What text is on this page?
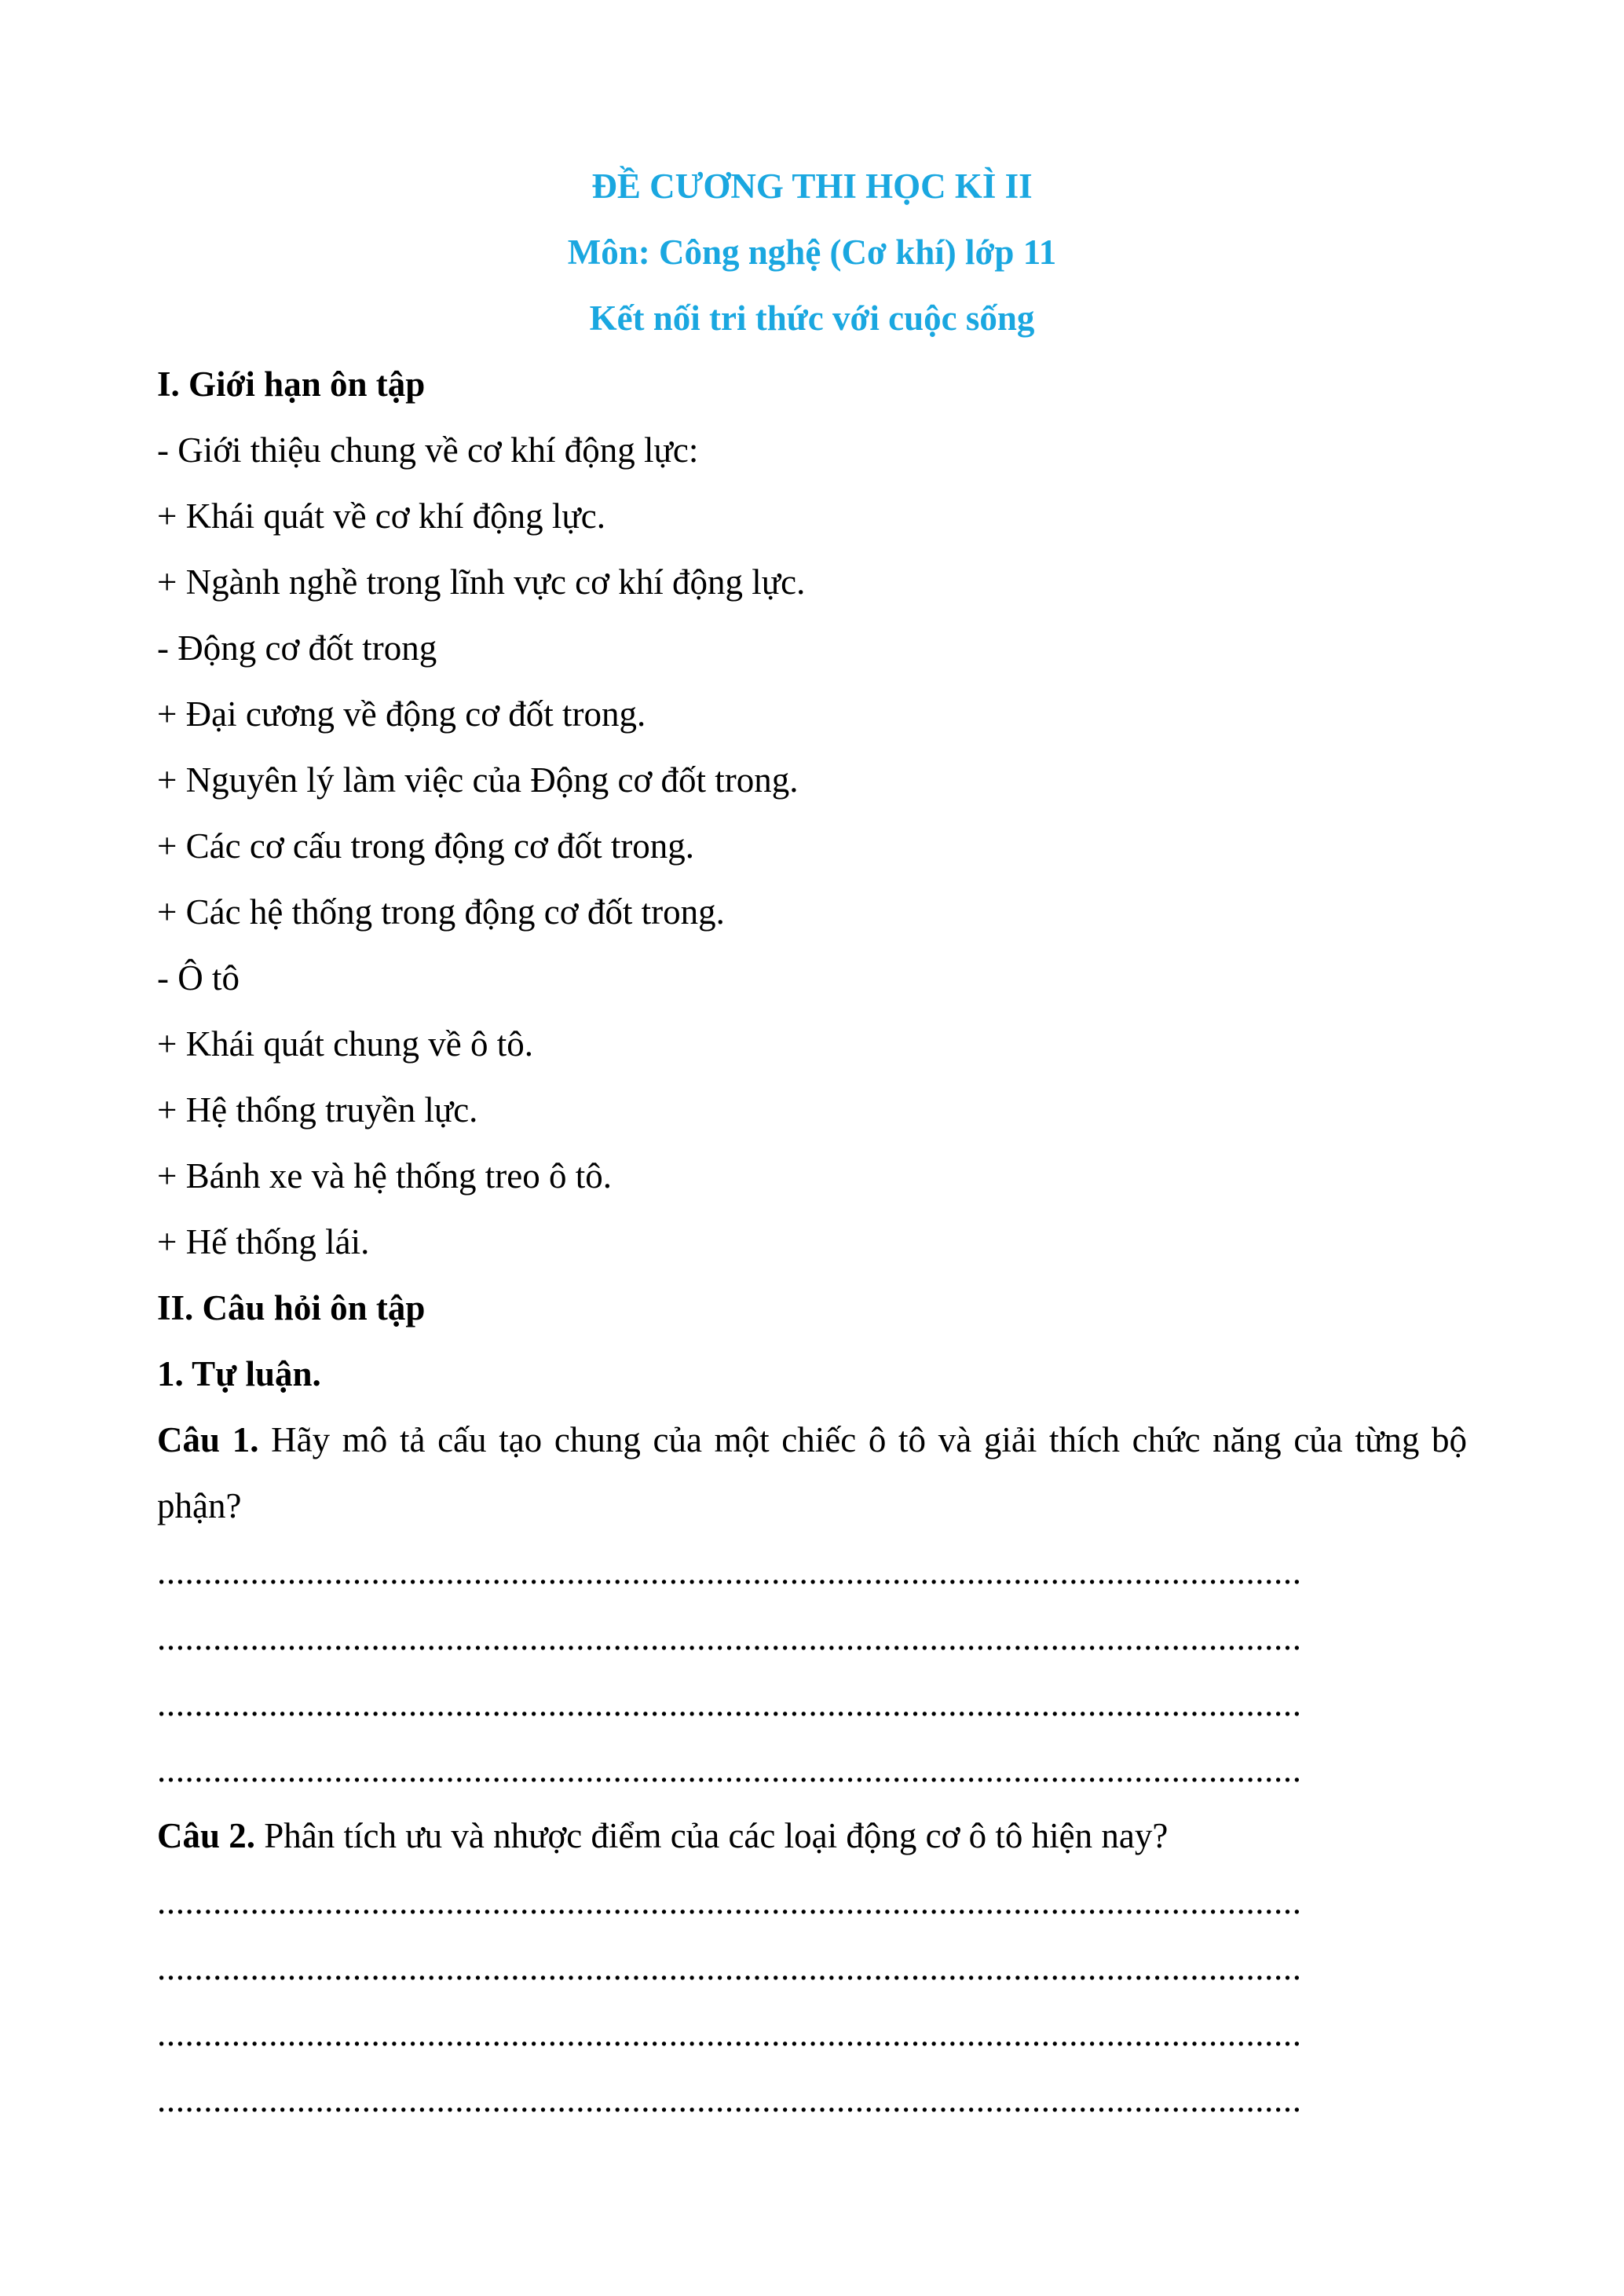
ĐỀ CƯƠNG THI HỌC KÌ II
Môn: Công nghệ (Cơ khí) lớp 11
Kết nối tri thức với cuộc sống
I. Giới hạn ôn tập
- Giới thiệu chung về cơ khí động lực:
+ Khái quát về cơ khí động lực.
+ Ngành nghề trong lĩnh vực cơ khí động lực.
- Động cơ đốt trong
+ Đại cương về động cơ đốt trong.
+ Nguyên lý làm việc của Động cơ đốt trong.
+ Các cơ cấu trong động cơ đốt trong.
+ Các hệ thống trong động cơ đốt trong.
- Ô tô
+ Khái quát chung về ô tô.
+ Hệ thống truyền lực.
+ Bánh xe và hệ thống treo ô tô.
+ Hế thống lái.
II. Câu hỏi ôn tập
1. Tự luận.
Câu 1. Hãy mô tả cấu tạo chung của một chiếc ô tô và giải thích chức năng của từng bộ phận?
...........................................................................................................................
...........................................................................................................................
...........................................................................................................................
...........................................................................................................................
Câu 2. Phân tích ưu và nhược điểm của các loại động cơ ô tô hiện nay?
...........................................................................................................................
...........................................................................................................................
...........................................................................................................................
...........................................................................................................................
